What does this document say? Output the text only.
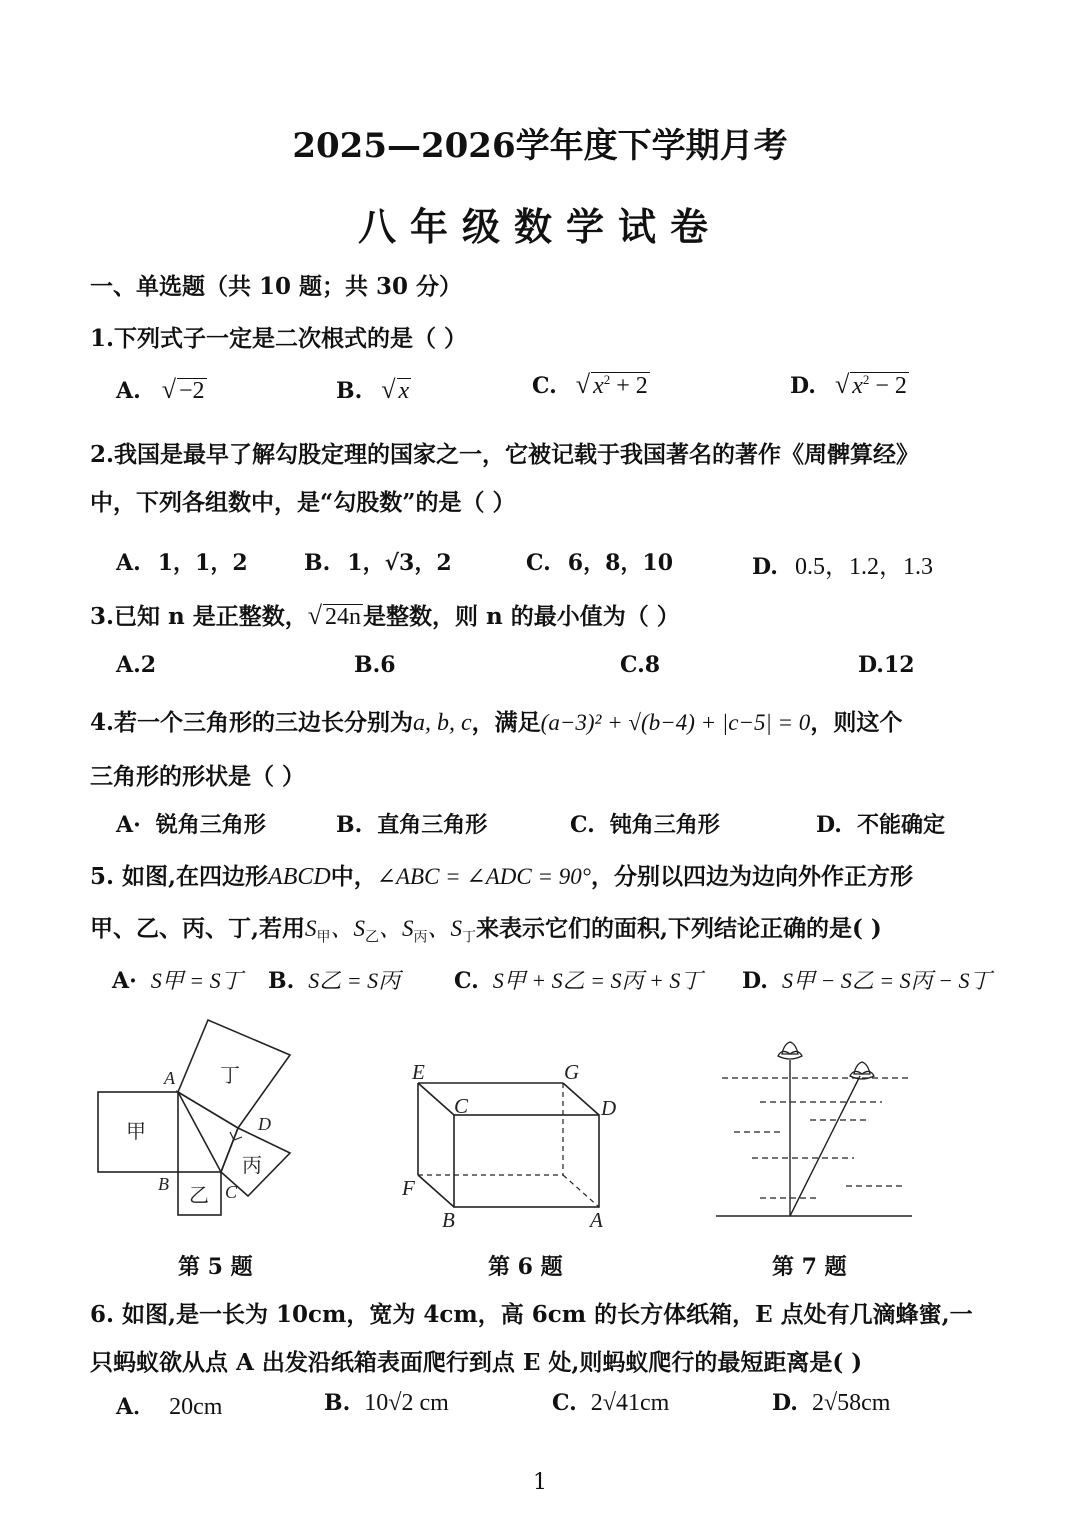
2025—2026学年度下学期月考
八年级数学试卷
一、单选题（共 10 题；共 30 分）
1.下列式子一定是二次根式的是（ ）
A. √ −2	B. √ x	C. √ $x^2 + 2$	D. √ $x^2 - 2$
2.我国是最早了解勾股定理的国家之一，它被记载于我国著名的著作《周髀算经》
中，下列各组数中，是“勾股数”的是（ ）
A. 1，1，2	B. 1，√3，2	C. 6，8，10	D. 0.5，1.2，1.3
3.已知 n 是正整数，√ 24n是整数，则 n 的最小值为（ ）
A.2	B.6	C.8	D.12
4.若一个三角形的三边长分别为a, b, c，满足(a−3)² + √(b−4) + |c−5| = 0，则这个
三角形的形状是（ ）
A· 锐角三角形	B. 直角三角形	C. 钝角三角形	D. 不能确定
5. 如图,在四边形ABCD中，∠ABC = ∠ADC = 90°，分别以四边为边向外作正方形
甲、乙、丙、丁,若用$S_甲$、$S_乙$、$S_丙$、$S_丁$来表示它们的面积,下列结论正确的是( )
A· S甲 = S丁 B. S乙 = S丙 C. S甲 + S乙 = S丙 + S丁 D. S甲 − S乙 = S丙 − S丁
A
B	C
D
甲
乙
丙
丁
第 5 题
E	G
C	D
F
B	A
第 6 题	第 7 题
6. 如图,是一长为 10cm，宽为 4cm，高 6cm 的长方体纸箱，E 点处有几滴蜂蜜,一
只蚂蚁欲从点 A 出发沿纸箱表面爬行到点 E 处,则蚂蚁爬行的最短距离是( )
A． 20cm	B. 10√2 cm	C. 2√41cm	D. 2√58cm
1
